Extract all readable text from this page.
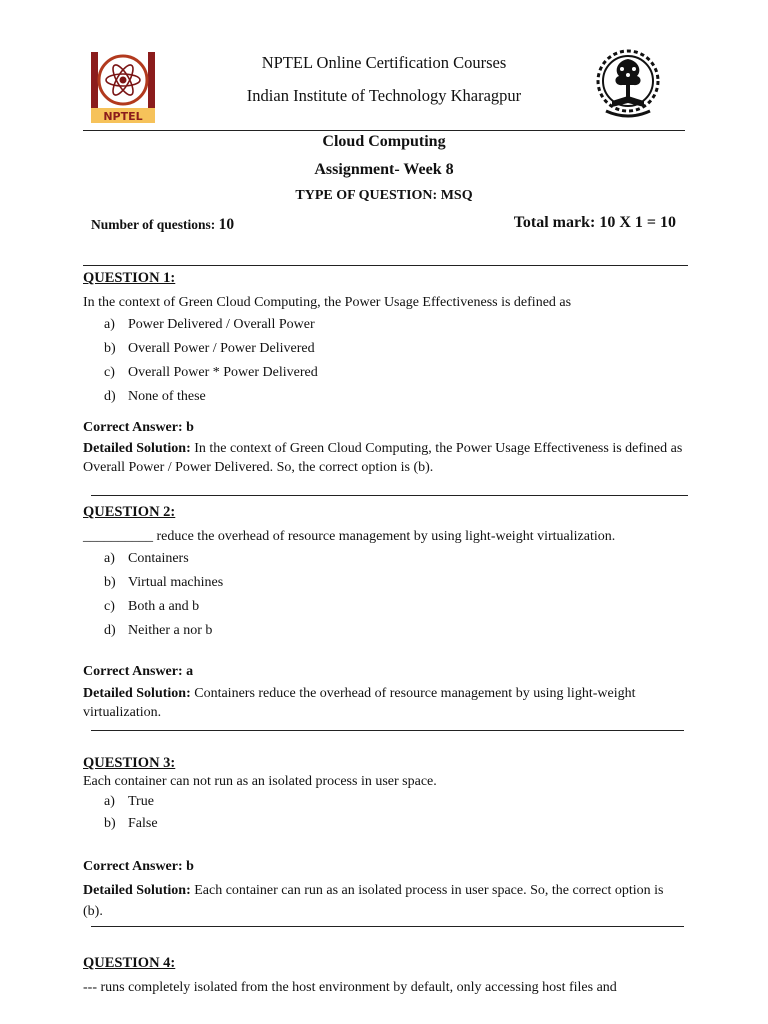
NPTEL
NPTEL Online Certification Courses
Indian Institute of Technology Kharagpur
Cloud Computing
Assignment- Week 8
TYPE OF QUESTION: MSQ
Number of questions: 10	Total mark: 10 X 1 = 10
QUESTION 1:
In the context of Green Cloud Computing, the Power Usage Effectiveness is defined as
a) Power Delivered / Overall Power
b) Overall Power / Power Delivered
c) Overall Power * Power Delivered
d) None of these
Correct Answer: b
Detailed Solution: In the context of Green Cloud Computing, the Power Usage Effectiveness is defined as Overall Power / Power Delivered. So, the correct option is (b).
QUESTION 2:
__________ reduce the overhead of resource management by using light-weight virtualization.
a) Containers
b) Virtual machines
c) Both a and b
d) Neither a nor b
Correct Answer: a
Detailed Solution: Containers reduce the overhead of resource management by using light-weight virtualization.
QUESTION 3:
Each container can not run as an isolated process in user space.
a) True
b) False
Correct Answer: b
Detailed Solution: Each container can run as an isolated process in user space. So, the correct option is (b).
QUESTION 4:
--- runs completely isolated from the host environment by default, only accessing host files and
